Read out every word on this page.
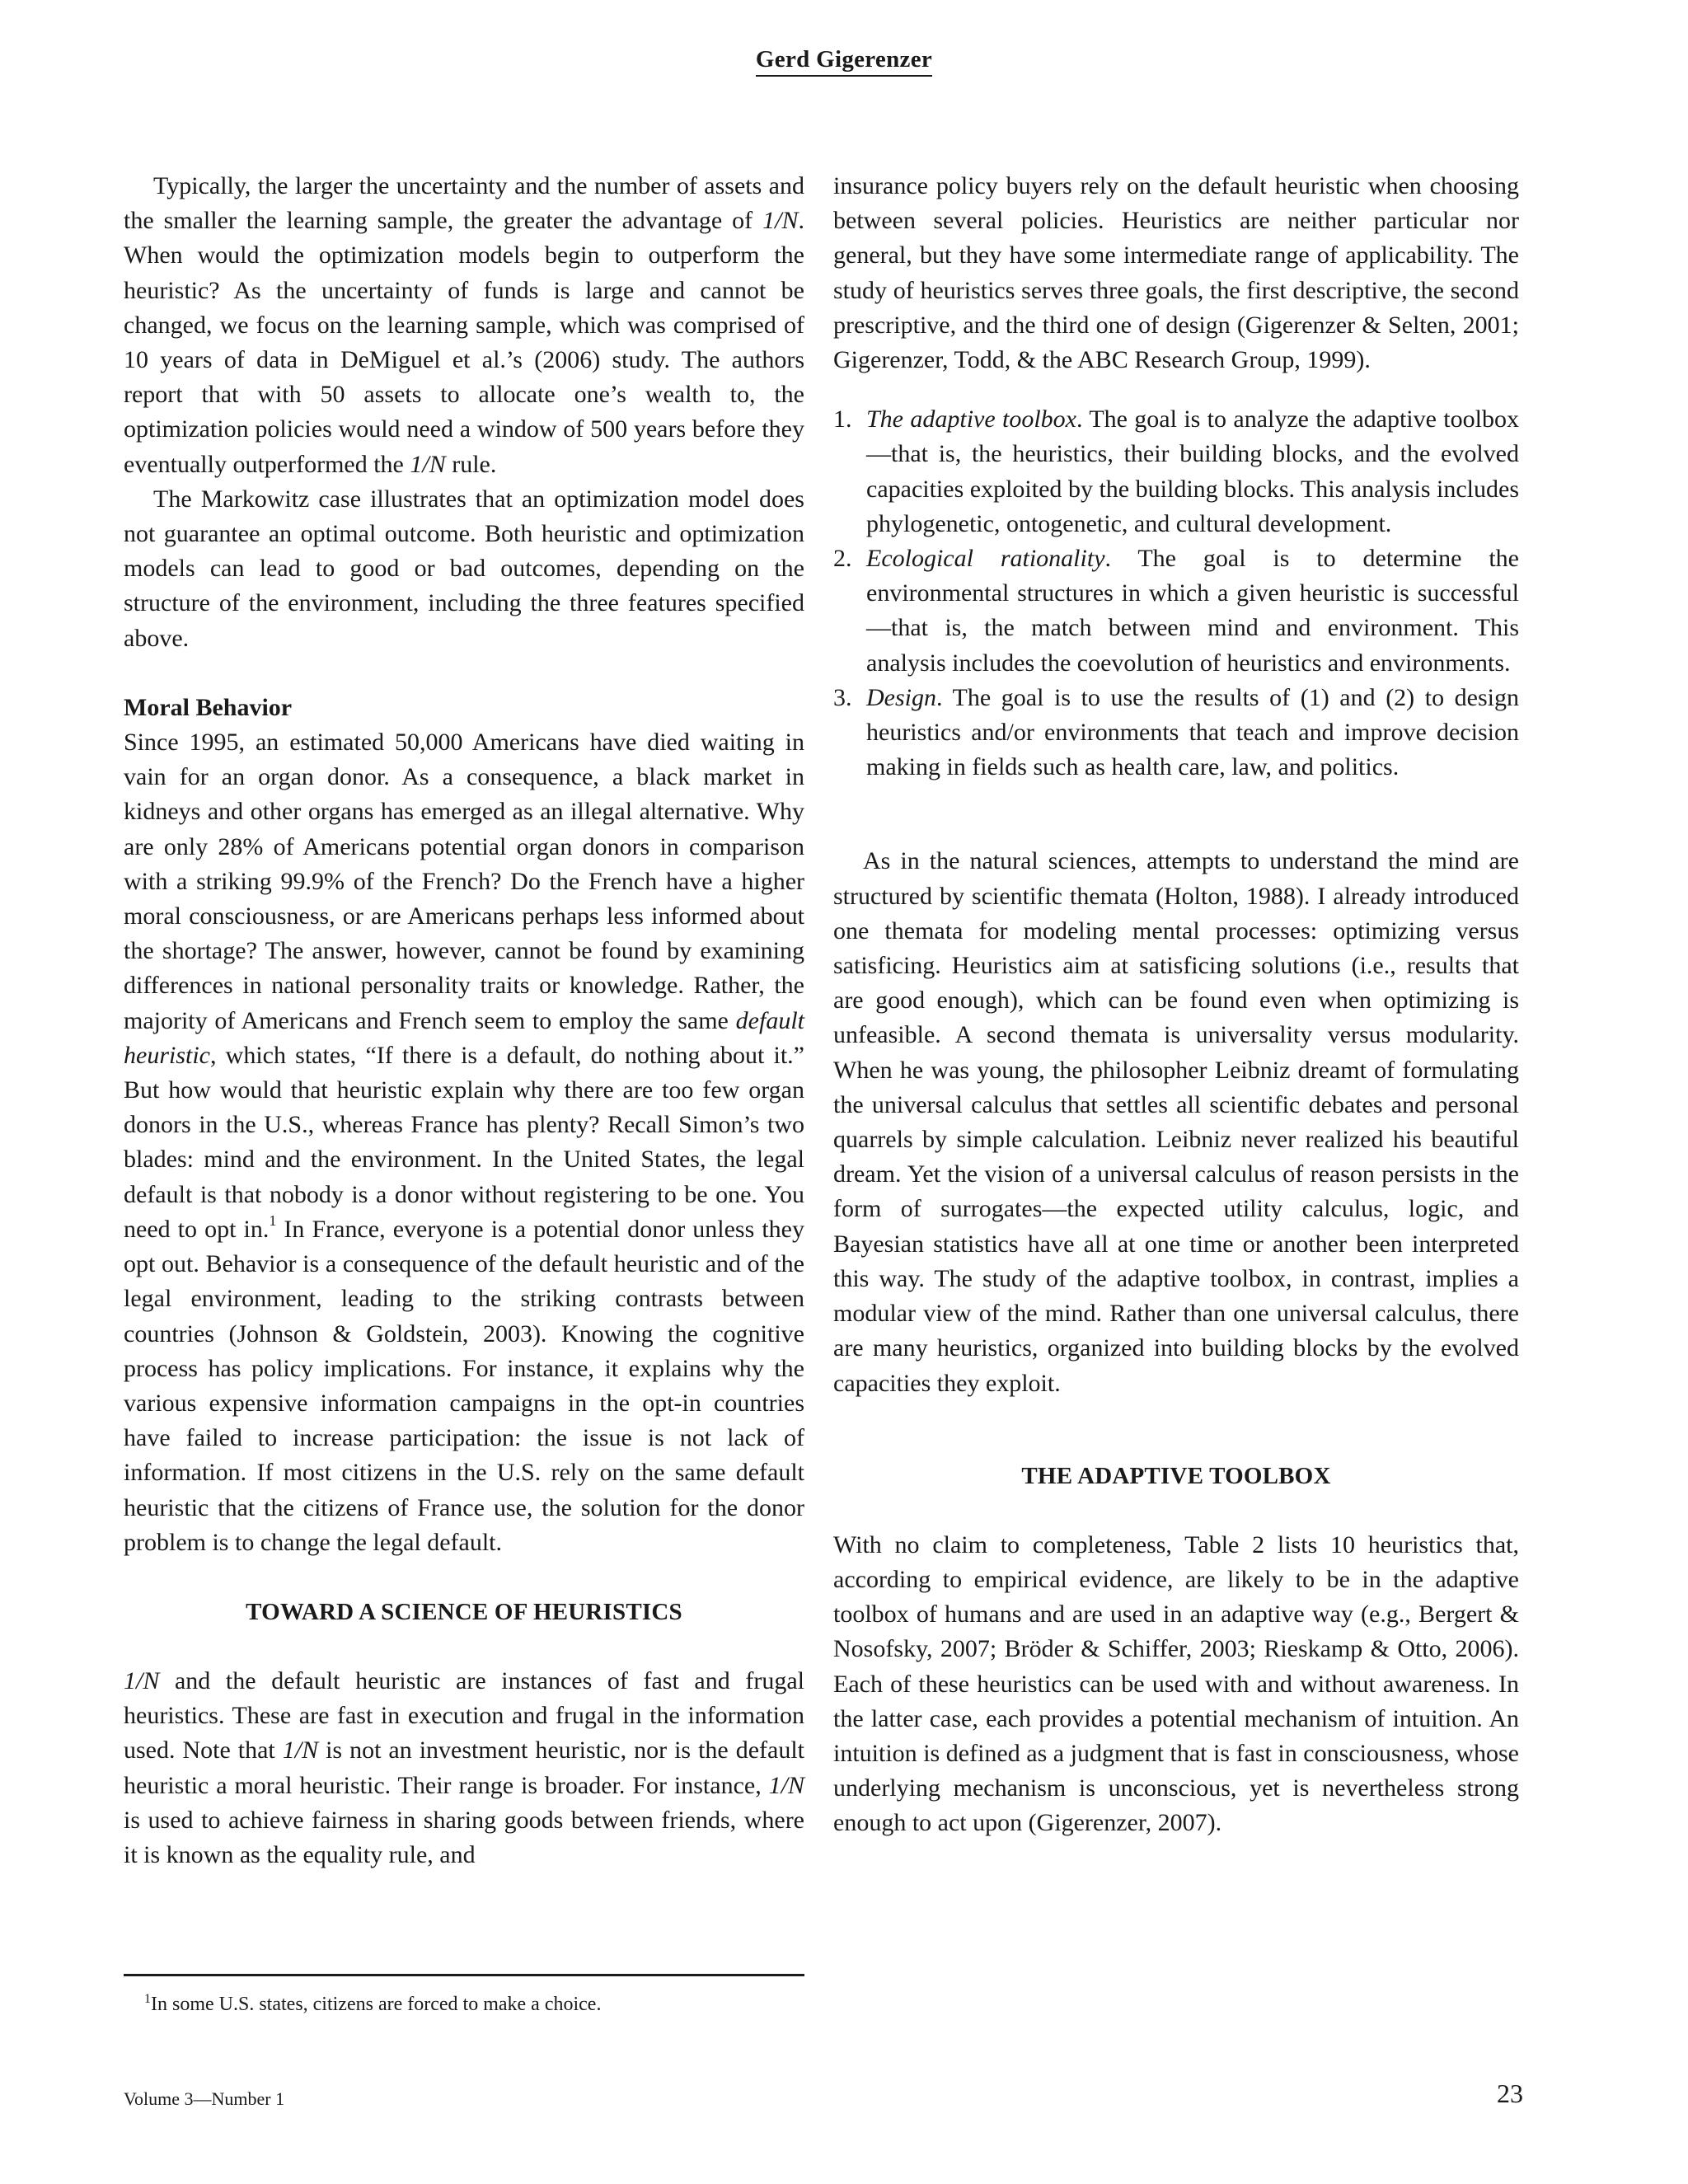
Gerd Gigerenzer

Typically, the larger the uncertainty and the number of assets and the smaller the learning sample, the greater the advantage of 1/N. When would the optimization models begin to outperform the heuristic? As the uncertainty of funds is large and cannot be changed, we focus on the learning sample, which was comprised of 10 years of data in DeMiguel et al.’s (2006) study. The authors report that with 50 assets to allocate one’s wealth to, the optimization policies would need a window of 500 years before they eventually outperformed the 1/N rule.

The Markowitz case illustrates that an optimization model does not guarantee an optimal outcome. Both heuristic and optimization models can lead to good or bad outcomes, depending on the structure of the environment, including the three features specified above.

Moral Behavior

Since 1995, an estimated 50,000 Americans have died waiting in vain for an organ donor. As a consequence, a black market in kidneys and other organs has emerged as an illegal alternative. Why are only 28% of Americans potential organ donors in comparison with a striking 99.9% of the French? Do the French have a higher moral consciousness, or are Americans perhaps less informed about the shortage? The answer, however, cannot be found by examining differences in national personality traits or knowledge. Rather, the majority of Americans and French seem to employ the same default heuristic, which states, “If there is a default, do nothing about it.” But how would that heuristic explain why there are too few organ donors in the U.S., whereas France has plenty? Recall Simon’s two blades: mind and the environment. In the United States, the legal default is that nobody is a donor without registering to be one. You need to opt in.$^1$ In France, everyone is a potential donor unless they opt out. Behavior is a consequence of the default heuristic and of the legal environment, leading to the striking contrasts between countries (Johnson & Goldstein, 2003). Knowing the cognitive process has policy implications. For instance, it explains why the various expensive information campaigns in the opt-in countries have failed to increase participation: the issue is not lack of information. If most citizens in the U.S. rely on the same default heuristic that the citizens of France use, the solution for the donor problem is to change the legal default.

TOWARD A SCIENCE OF HEURISTICS

1/N and the default heuristic are instances of fast and frugal heuristics. These are fast in execution and frugal in the information used. Note that 1/N is not an investment heuristic, nor is the default heuristic a moral heuristic. Their range is broader. For instance, 1/N is used to achieve fairness in sharing goods between friends, where it is known as the equality rule, and

insurance policy buyers rely on the default heuristic when choosing between several policies. Heuristics are neither particular nor general, but they have some intermediate range of applicability. The study of heuristics serves three goals, the first descriptive, the second prescriptive, and the third one of design (Gigerenzer & Selten, 2001; Gigerenzer, Todd, & the ABC Research Group, 1999).

1. The adaptive toolbox. The goal is to analyze the adaptive toolbox—that is, the heuristics, their building blocks, and the evolved capacities exploited by the building blocks. This analysis includes phylogenetic, ontogenetic, and cultural development.
2. Ecological rationality. The goal is to determine the environmental structures in which a given heuristic is successful—that is, the match between mind and environment. This analysis includes the coevolution of heuristics and environments.
3. Design. The goal is to use the results of (1) and (2) to design heuristics and/or environments that teach and improve decision making in fields such as health care, law, and politics.

As in the natural sciences, attempts to understand the mind are structured by scientific themata (Holton, 1988). I already introduced one themata for modeling mental processes: optimizing versus satisficing. Heuristics aim at satisficing solutions (i.e., results that are good enough), which can be found even when optimizing is unfeasible. A second themata is universality versus modularity. When he was young, the philosopher Leibniz dreamt of formulating the universal calculus that settles all scientific debates and personal quarrels by simple calculation. Leibniz never realized his beautiful dream. Yet the vision of a universal calculus of reason persists in the form of surrogates—the expected utility calculus, logic, and Bayesian statistics have all at one time or another been interpreted this way. The study of the adaptive toolbox, in contrast, implies a modular view of the mind. Rather than one universal calculus, there are many heuristics, organized into building blocks by the evolved capacities they exploit.

THE ADAPTIVE TOOLBOX

With no claim to completeness, Table 2 lists 10 heuristics that, according to empirical evidence, are likely to be in the adaptive toolbox of humans and are used in an adaptive way (e.g., Bergert & Nosofsky, 2007; Bröder & Schiffer, 2003; Rieskamp & Otto, 2006). Each of these heuristics can be used with and without awareness. In the latter case, each provides a potential mechanism of intuition. An intuition is defined as a judgment that is fast in consciousness, whose underlying mechanism is unconscious, yet is nevertheless strong enough to act upon (Gigerenzer, 2007).

$^1$In some U.S. states, citizens are forced to make a choice.
Volume 3—Number 1	23
